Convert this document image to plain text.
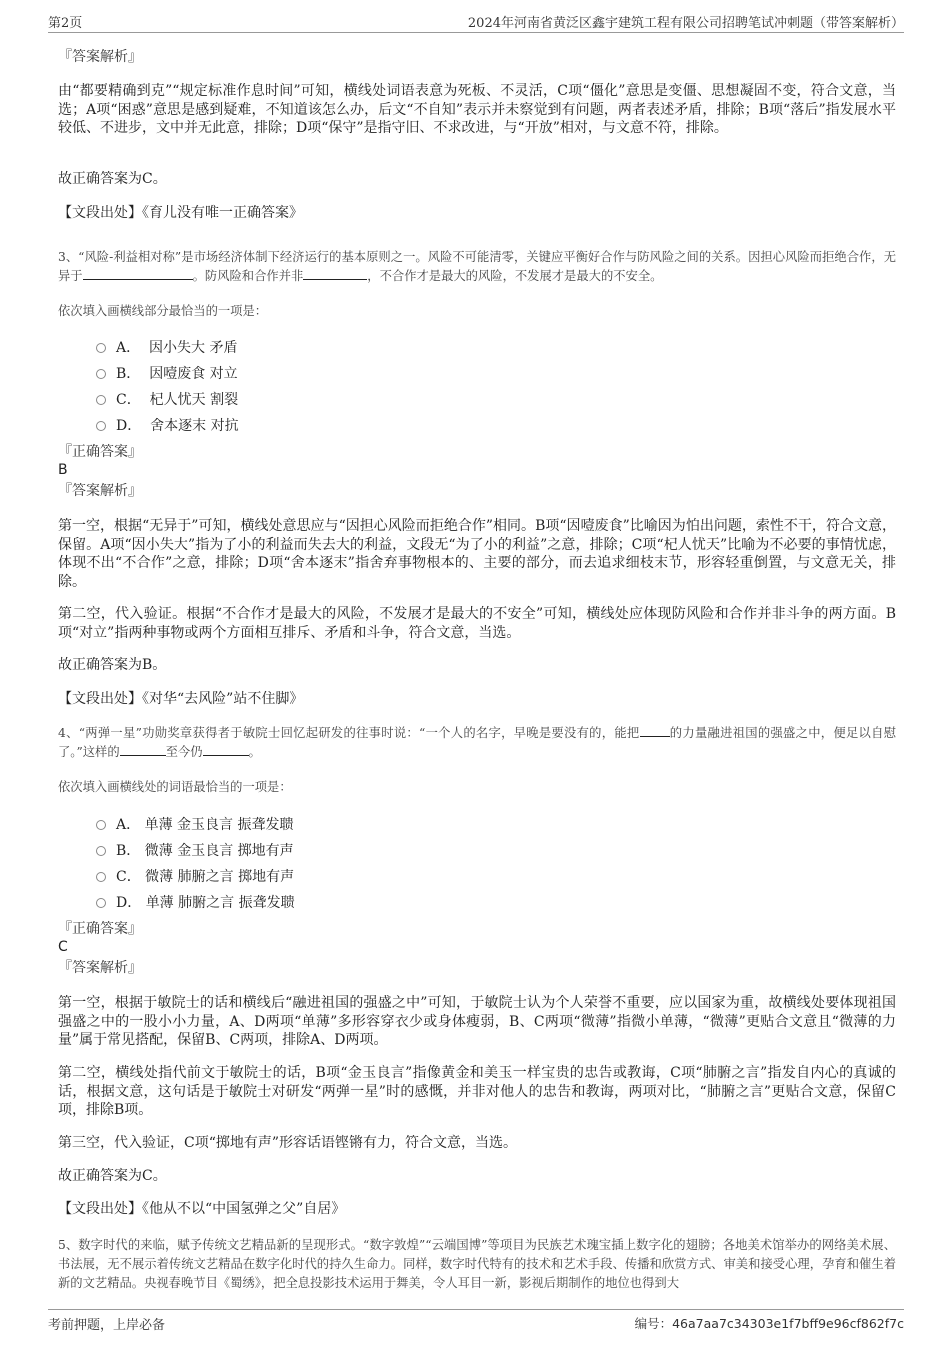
第2页	2024年河南省黄泛区鑫宇建筑工程有限公司招聘笔试冲刺题（带答案解析）
『答案解析』
由“都要精确到克”“规定标准作息时间”可知，横线处词语表意为死板、不灵活，C项“僵化”意思是变僵、思想凝固不变，符合文意，当选；A项“困惑”意思是感到疑难，不知道该怎么办，后文“不自知”表示并未察觉到有问题，两者表述矛盾，排除；B项“落后”指发展水平较低、不进步，文中并无此意，排除；D项“保守”是指守旧、不求改进，与“开放”相对，与文意不符，排除。
故正确答案为C。
【文段出处】《育儿没有唯一正确答案》
3、“风险-利益相对称”是市场经济体制下经济运行的基本原则之一。风险不可能清零，关键应平衡好合作与防风险之间的关系。因担心风险而拒绝合作，无异于	。防风险和合作并非	，不合作才是最大的风险，不发展才是最大的不安全。
依次填入画横线部分最恰当的一项是：
A． 因小失大 矛盾
B． 因噎废食 对立
C． 杞人忧天 割裂
D． 舍本逐末 对抗
『正确答案』
B
『答案解析』
第一空，根据“无异于”可知，横线处意思应与“因担心风险而拒绝合作”相同。B项“因噎废食”比喻因为怕出问题，索性不干，符合文意，保留。A项“因小失大”指为了小的利益而失去大的利益，文段无“为了小的利益”之意，排除；C项“杞人忧天”比喻为不必要的事情忧虑，体现不出“不合作”之意，排除；D项“舍本逐末”指舍弃事物根本的、主要的部分，而去追求细枝末节，形容轻重倒置，与文意无关，排除。
第二空，代入验证。根据“不合作才是最大的风险，不发展才是最大的不安全”可知，横线处应体现防风险和合作并非斗争的两方面。B项“对立”指两种事物或两个方面相互排斥、矛盾和斗争，符合文意，当选。
故正确答案为B。
【文段出处】《对华“去风险”站不住脚》
4、“两弹一星”功勋奖章获得者于敏院士回忆起研发的往事时说：“一个人的名字，早晚是要没有的，能把 的力量融进祖国的强盛之中，便足以自慰了。”这样的	至今仍	。
依次填入画横线处的词语最恰当的一项是：
A． 单薄 金玉良言 振聋发聩
B． 微薄 金玉良言 掷地有声
C． 微薄 肺腑之言 掷地有声
D． 单薄 肺腑之言 振聋发聩
『正确答案』
C
『答案解析』
第一空，根据于敏院士的话和横线后“融进祖国的强盛之中”可知，于敏院士认为个人荣誉不重要，应以国家为重，故横线处要体现祖国强盛之中的一股小小力量，A、D两项“单薄”多形容穿衣少或身体瘦弱，B、C两项“微薄”指微小单薄，“微薄”更贴合文意且“微薄的力量”属于常见搭配，保留B、C两项，排除A、D两项。
第二空，横线处指代前文于敏院士的话，B项“金玉良言”指像黄金和美玉一样宝贵的忠告或教诲，C项“肺腑之言”指发自内心的真诚的话，根据文意，这句话是于敏院士对研发“两弹一星”时的感慨，并非对他人的忠告和教诲，两项对比，“肺腑之言”更贴合文意，保留C项，排除B项。
第三空，代入验证，C项“掷地有声”形容话语铿锵有力，符合文意，当选。
故正确答案为C。
【文段出处】《他从不以“中国氢弹之父”自居》
5、数字时代的来临，赋予传统文艺精品新的呈现形式。“数字敦煌”“云端国博”等项目为民族艺术瑰宝插上数字化的翅膀；各地美术馆举办的网络美术展、书法展，无不展示着传统文艺精品在数字化时代的持久生命力。同样，数字时代特有的技术和艺术手段、传播和欣赏方式、审美和接受心理，孕育和催生着新的文艺精品。央视春晚节目《蜀绣》，把全息投影技术运用于舞美，令人耳目一新，影视后期制作的地位也得到大
考前押题，上岸必备	编号：46a7aa7c34303e1f7bff9e96cf862f7c
